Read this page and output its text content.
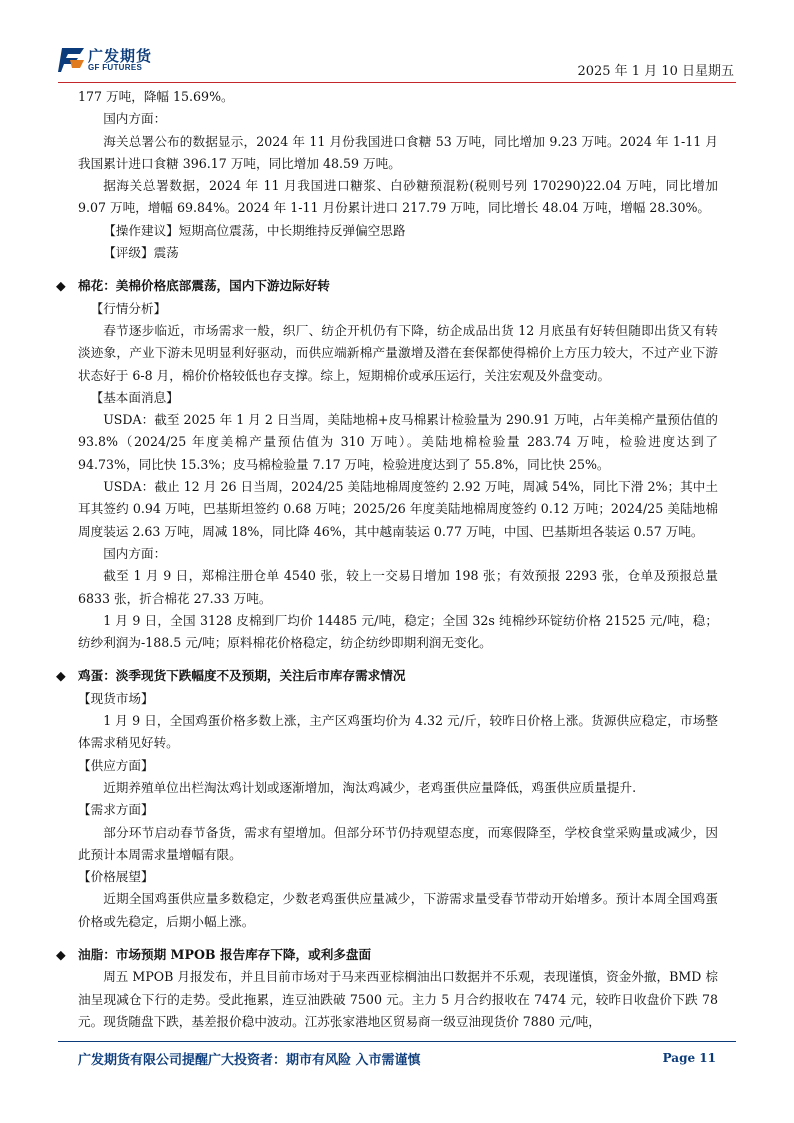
广发期货
GF FUTURES	2025 年 1 月 10 日星期五

177 万吨，降幅 15.69%。

国内方面：

海关总署公布的数据显示，2024 年 11 月份我国进口食糖 53 万吨，同比增加 9.23 万吨。2024 年 1-11 月我国累计进口食糖 396.17 万吨，同比增加 48.59 万吨。

据海关总署数据，2024 年 11 月我国进口糖浆、白砂糖预混粉(税则号列 170290)22.04 万吨，同比增加 9.07 万吨，增幅 69.84%。2024 年 1-11 月份累计进口 217.79 万吨，同比增长 48.04 万吨，增幅 28.30%。

【操作建议】短期高位震荡，中长期维持反弹偏空思路

【评级】震荡

◆ 棉花：美棉价格底部震荡，国内下游边际好转

【行情分析】

春节逐步临近，市场需求一般，织厂、纺企开机仍有下降，纺企成品出货 12 月底虽有好转但随即出货又有转淡迹象，产业下游未见明显利好驱动，而供应端新棉产量激增及潜在套保都使得棉价上方压力较大，不过产业下游状态好于 6-8 月，棉价价格较低也存支撑。综上，短期棉价或承压运行，关注宏观及外盘变动。

【基本面消息】

USDA：截至 2025 年 1 月 2 日当周，美陆地棉+皮马棉累计检验量为 290.91 万吨，占年美棉产量预估值的 93.8%（2024/25 年度美棉产量预估值为 310 万吨）。美陆地棉检验量 283.74 万吨，检验进度达到了 94.73%，同比快 15.3%；皮马棉检验量 7.17 万吨，检验进度达到了 55.8%，同比快 25%。

USDA：截止 12 月 26 日当周，2024/25 美陆地棉周度签约 2.92 万吨，周减 54%，同比下滑 2%；其中土耳其签约 0.94 万吨，巴基斯坦签约 0.68 万吨；2025/26 年度美陆地棉周度签约 0.12 万吨；2024/25 美陆地棉周度装运 2.63 万吨，周减 18%，同比降 46%，其中越南装运 0.77 万吨，中国、巴基斯坦各装运 0.57 万吨。

国内方面：

截至 1 月 9 日，郑棉注册仓单 4540 张，较上一交易日增加 198 张；有效预报 2293 张，仓单及预报总量 6833 张，折合棉花 27.33 万吨。

1 月 9 日，全国 3128 皮棉到厂均价 14485 元/吨，稳定；全国 32s 纯棉纱环锭纺价格 21525 元/吨，稳；纺纱利润为-188.5 元/吨；原料棉花价格稳定，纺企纺纱即期利润无变化。

◆ 鸡蛋：淡季现货下跌幅度不及预期，关注后市库存需求情况

【现货市场】

1 月 9 日，全国鸡蛋价格多数上涨，主产区鸡蛋均价为 4.32 元/斤，较昨日价格上涨。货源供应稳定，市场整体需求稍见好转。

【供应方面】

近期养殖单位出栏淘汰鸡计划或逐渐增加，淘汰鸡减少，老鸡蛋供应量降低，鸡蛋供应质量提升.

【需求方面】

部分环节启动春节备货，需求有望增加。但部分环节仍持观望态度，而寒假降至，学校食堂采购量或减少，因此预计本周需求量增幅有限。

【价格展望】

近期全国鸡蛋供应量多数稳定，少数老鸡蛋供应量减少，下游需求量受春节带动开始增多。预计本周全国鸡蛋价格或先稳定，后期小幅上涨。

◆ 油脂：市场预期 MPOB 报告库存下降，或利多盘面

周五 MPOB 月报发布，并且目前市场对于马来西亚棕榈油出口数据并不乐观，表现谨慎，资金外撤，BMD 棕油呈现减仓下行的走势。受此拖累，连豆油跌破 7500 元。主力 5 月合约报收在 7474 元，较昨日收盘价下跌 78 元。现货随盘下跌，基差报价稳中波动。江苏张家港地区贸易商一级豆油现货价 7880 元/吨，

广发期货有限公司提醒广大投资者：期市有风险 入市需谨慎	Page 11
